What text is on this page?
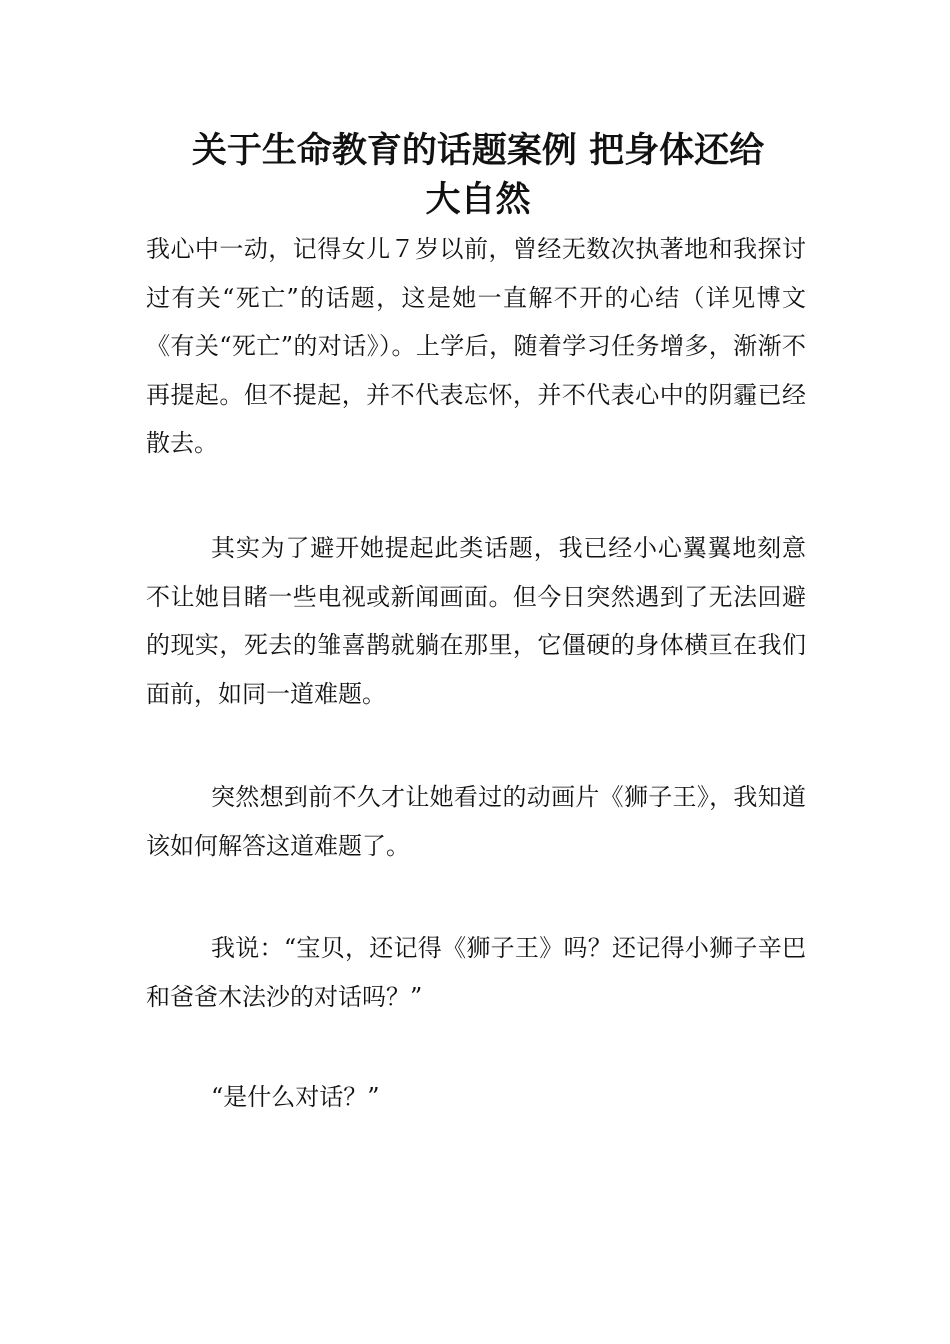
关于生命教育的话题案例 把身体还给
大自然

我心中一动，记得女儿７岁以前，曾经无数次执著地和我探讨过有关“死亡”的话题，这是她一直解不开的心结（详见博文《有关“死亡”的对话》）。上学后，随着学习任务增多，渐渐不再提起。但不提起，并不代表忘怀，并不代表心中的阴霾已经散去。

其实为了避开她提起此类话题，我已经小心翼翼地刻意不让她目睹一些电视或新闻画面。但今日突然遇到了无法回避的现实，死去的雏喜鹊就躺在那里，它僵硬的身体横亘在我们面前，如同一道难题。

突然想到前不久才让她看过的动画片《狮子王》，我知道该如何解答这道难题了。

我说：“宝贝，还记得《狮子王》吗？还记得小狮子辛巴和爸爸木法沙的对话吗？”

“是什么对话？”
